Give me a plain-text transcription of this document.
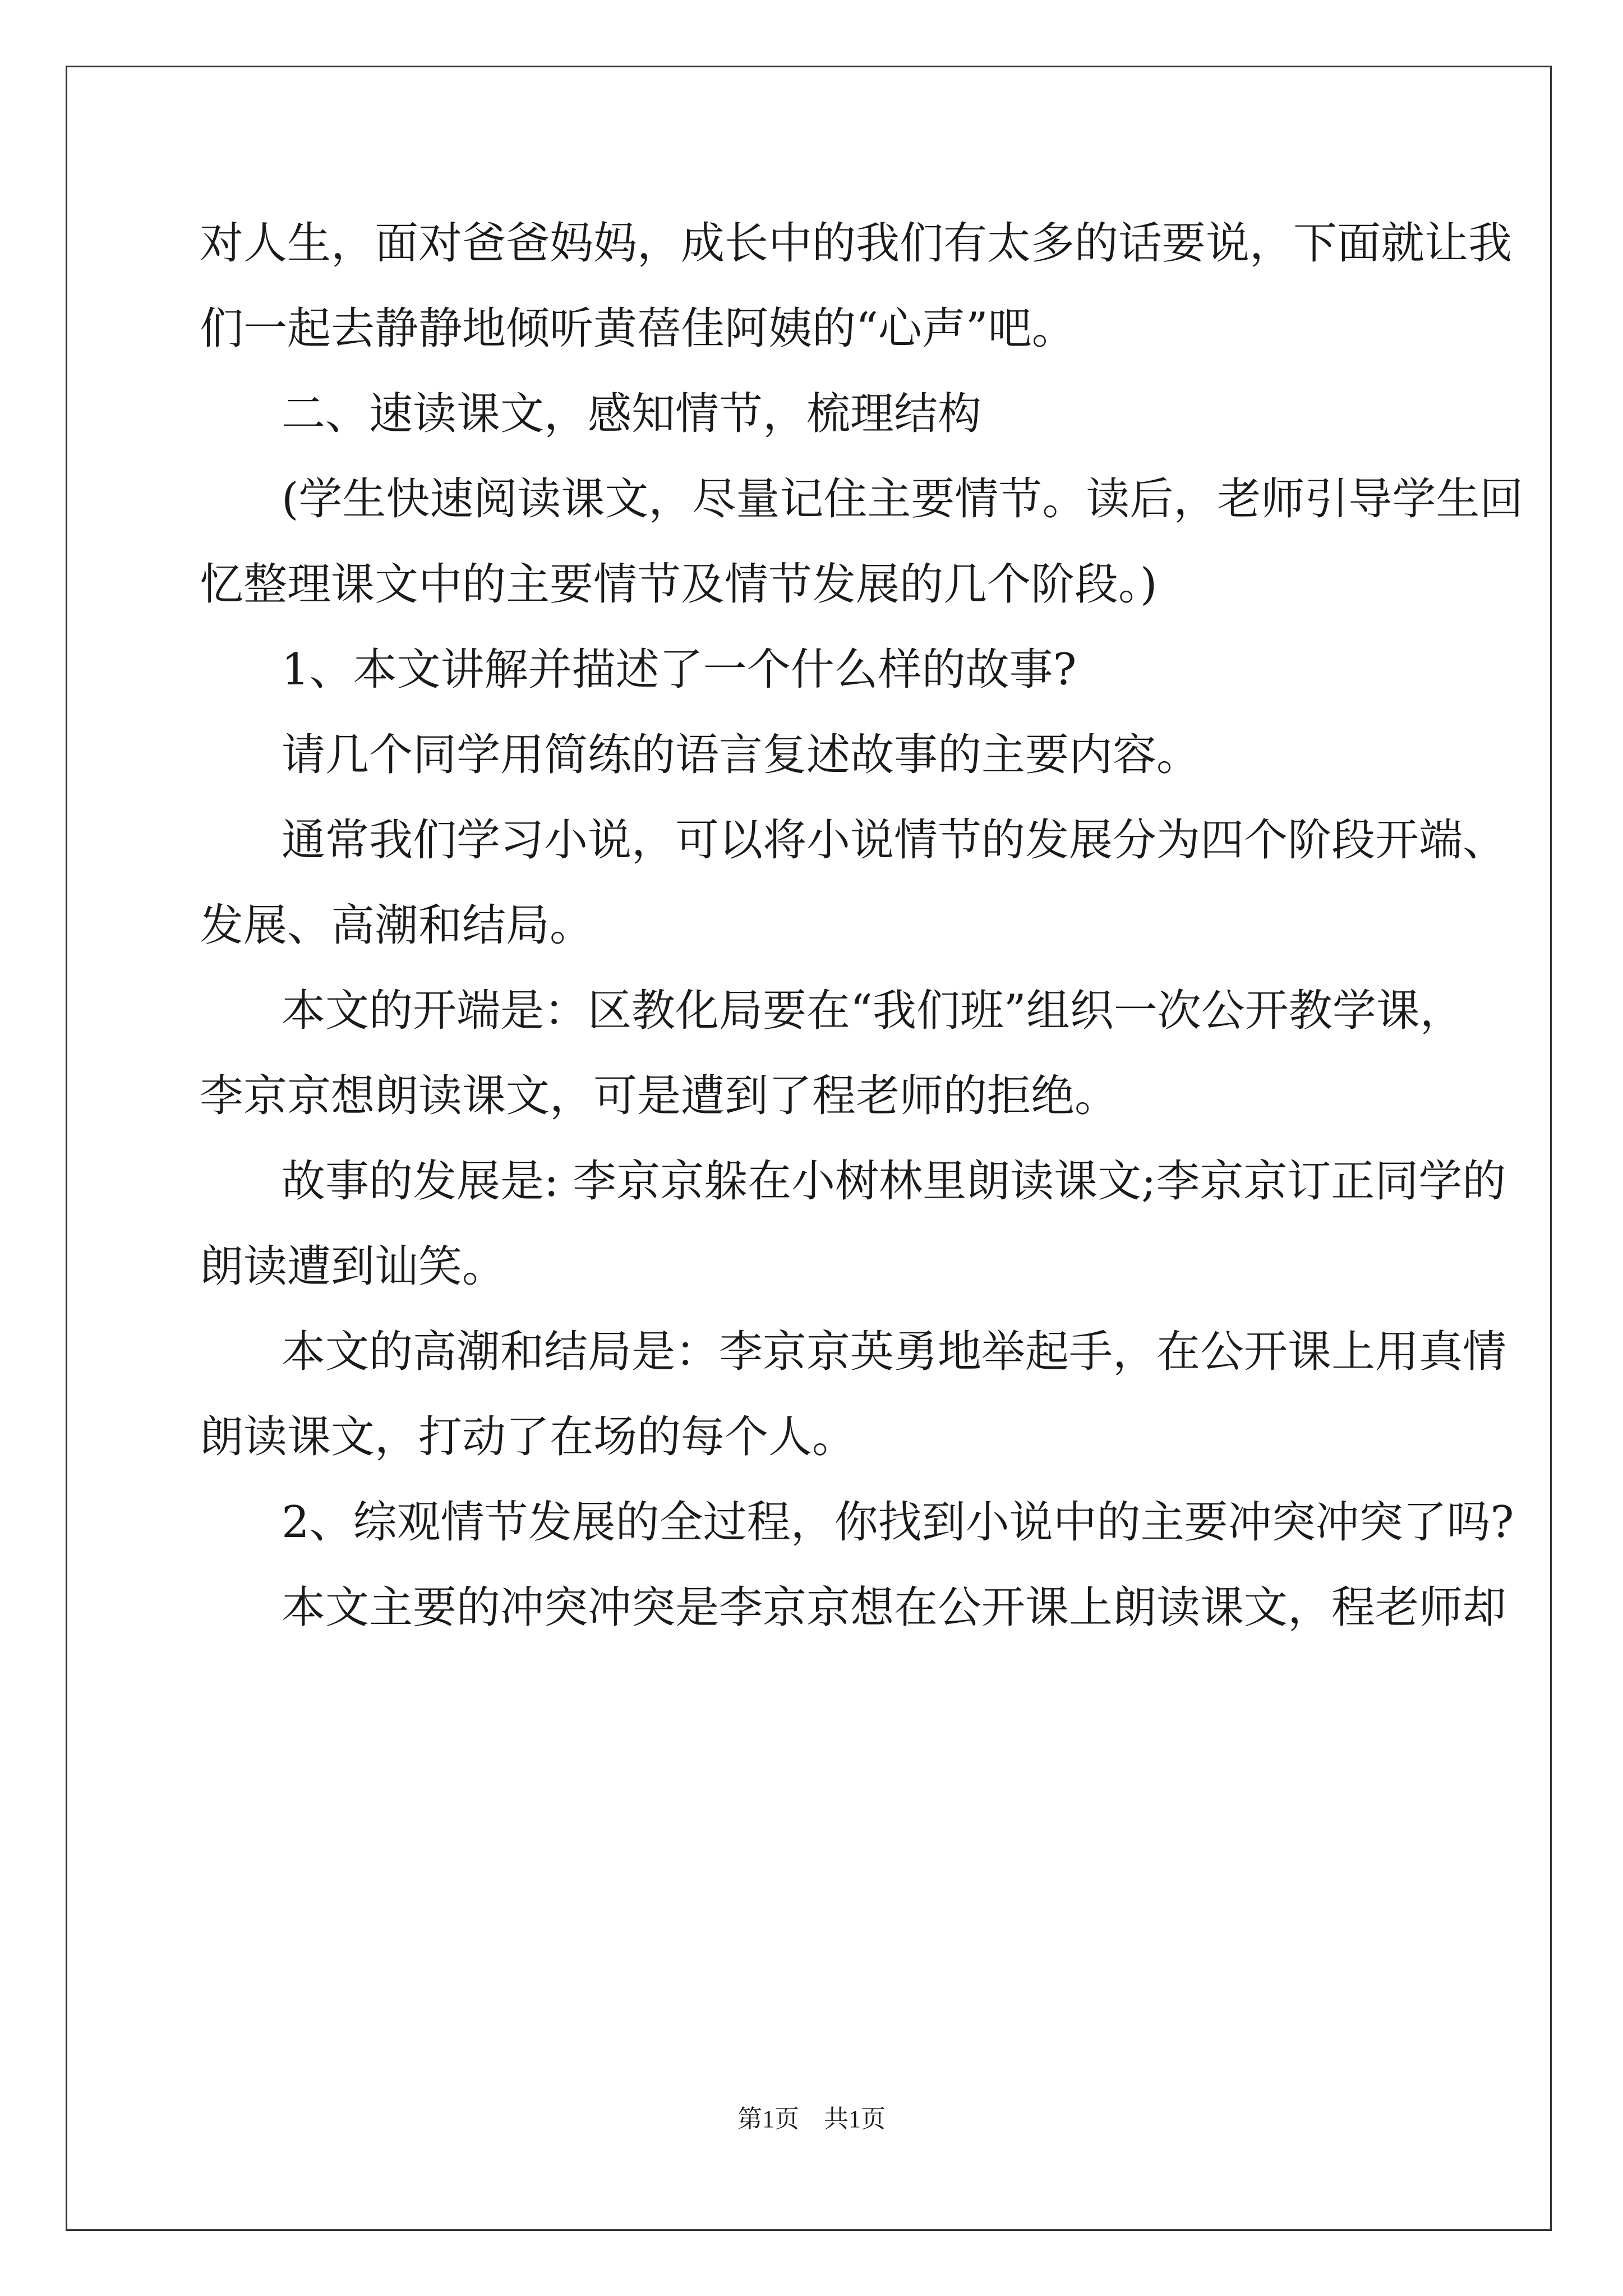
对人生，面对爸爸妈妈，成长中的我们有太多的话要说，下面就让我
们一起去静静地倾听黄蓓佳阿姨的“心声”吧。
二、速读课文，感知情节，梳理结构
(学生快速阅读课文，尽量记住主要情节。读后，老师引导学生回
忆整理课文中的主要情节及情节发展的几个阶段。)
1、本文讲解并描述了一个什么样的故事?
请几个同学用简练的语言复述故事的主要内容。
通常我们学习小说，可以将小说情节的发展分为四个阶段开端、
发展、高潮和结局。
本文的开端是：区教化局要在“我们班”组织一次公开教学课，
李京京想朗读课文，可是遭到了程老师的拒绝。
故事的发展是: 李京京躲在小树林里朗读课文;李京京订正同学的
朗读遭到讪笑。
本文的高潮和结局是：李京京英勇地举起手，在公开课上用真情
朗读课文，打动了在场的每个人。
2、综观情节发展的全过程，你找到小说中的主要冲突冲突了吗?
本文主要的冲突冲突是李京京想在公开课上朗读课文，程老师却
第1页 共1页
